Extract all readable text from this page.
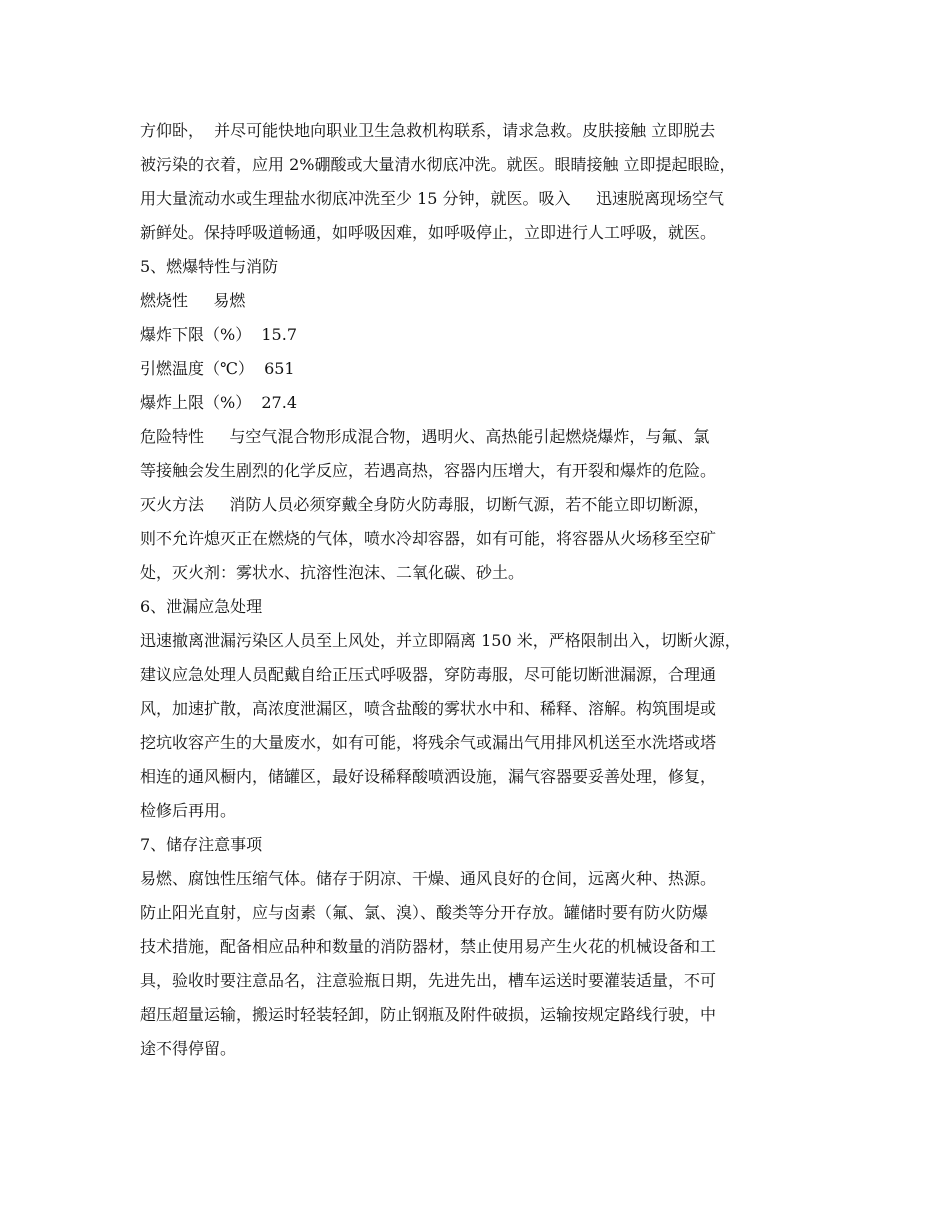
方仰卧，  并尽可能快地向职业卫生急救机构联系，请求急救。皮肤接触 立即脱去

被污染的衣着，应用 2%硼酸或大量清水彻底冲洗。就医。眼睛接触 立即提起眼睑，

用大量流动水或生理盐水彻底冲洗至少 15 分钟，就医。吸入     迅速脱离现场空气

新鲜处。保持呼吸道畅通，如呼吸因难，如呼吸停止，立即进行人工呼吸，就医。

5、燃爆特性与消防

燃烧性     易燃

爆炸下限（%）  15.7

引燃温度（℃）  651

爆炸上限（%）  27.4

危险特性     与空气混合物形成混合物，遇明火、高热能引起燃烧爆炸，与氟、氯

等接触会发生剧烈的化学反应，若遇高热，容器内压增大，有开裂和爆炸的危险。

灭火方法     消防人员必须穿戴全身防火防毒服，切断气源，若不能立即切断源，

则不允许熄灭正在燃烧的气体，喷水冷却容器，如有可能，将容器从火场移至空矿

处，灭火剂：雾状水、抗溶性泡沫、二氧化碳、砂土。

6、泄漏应急处理

迅速撤离泄漏污染区人员至上风处，并立即隔离 150 米，严格限制出入，切断火源，

建议应急处理人员配戴自给正压式呼吸器，穿防毒服，尽可能切断泄漏源，合理通

风，加速扩散，高浓度泄漏区，喷含盐酸的雾状水中和、稀释、溶解。构筑围堤或

挖坑收容产生的大量废水，如有可能，将残余气或漏出气用排风机送至水洗塔或塔

相连的通风橱内，储罐区，最好设稀释酸喷洒设施，漏气容器要妥善处理，修复，

检修后再用。

7、储存注意事项

易燃、腐蚀性压缩气体。储存于阴凉、干燥、通风良好的仓间，远离火种、热源。

防止阳光直射，应与卤素（氟、氯、溴）、酸类等分开存放。罐储时要有防火防爆

技术措施，配备相应品种和数量的消防器材，禁止使用易产生火花的机械设备和工

具，验收时要注意品名，注意验瓶日期，先进先出，槽车运送时要灌装适量，不可

超压超量运输，搬运时轻装轻卸，防止钢瓶及附件破损，运输按规定路线行驶，中

途不得停留。
